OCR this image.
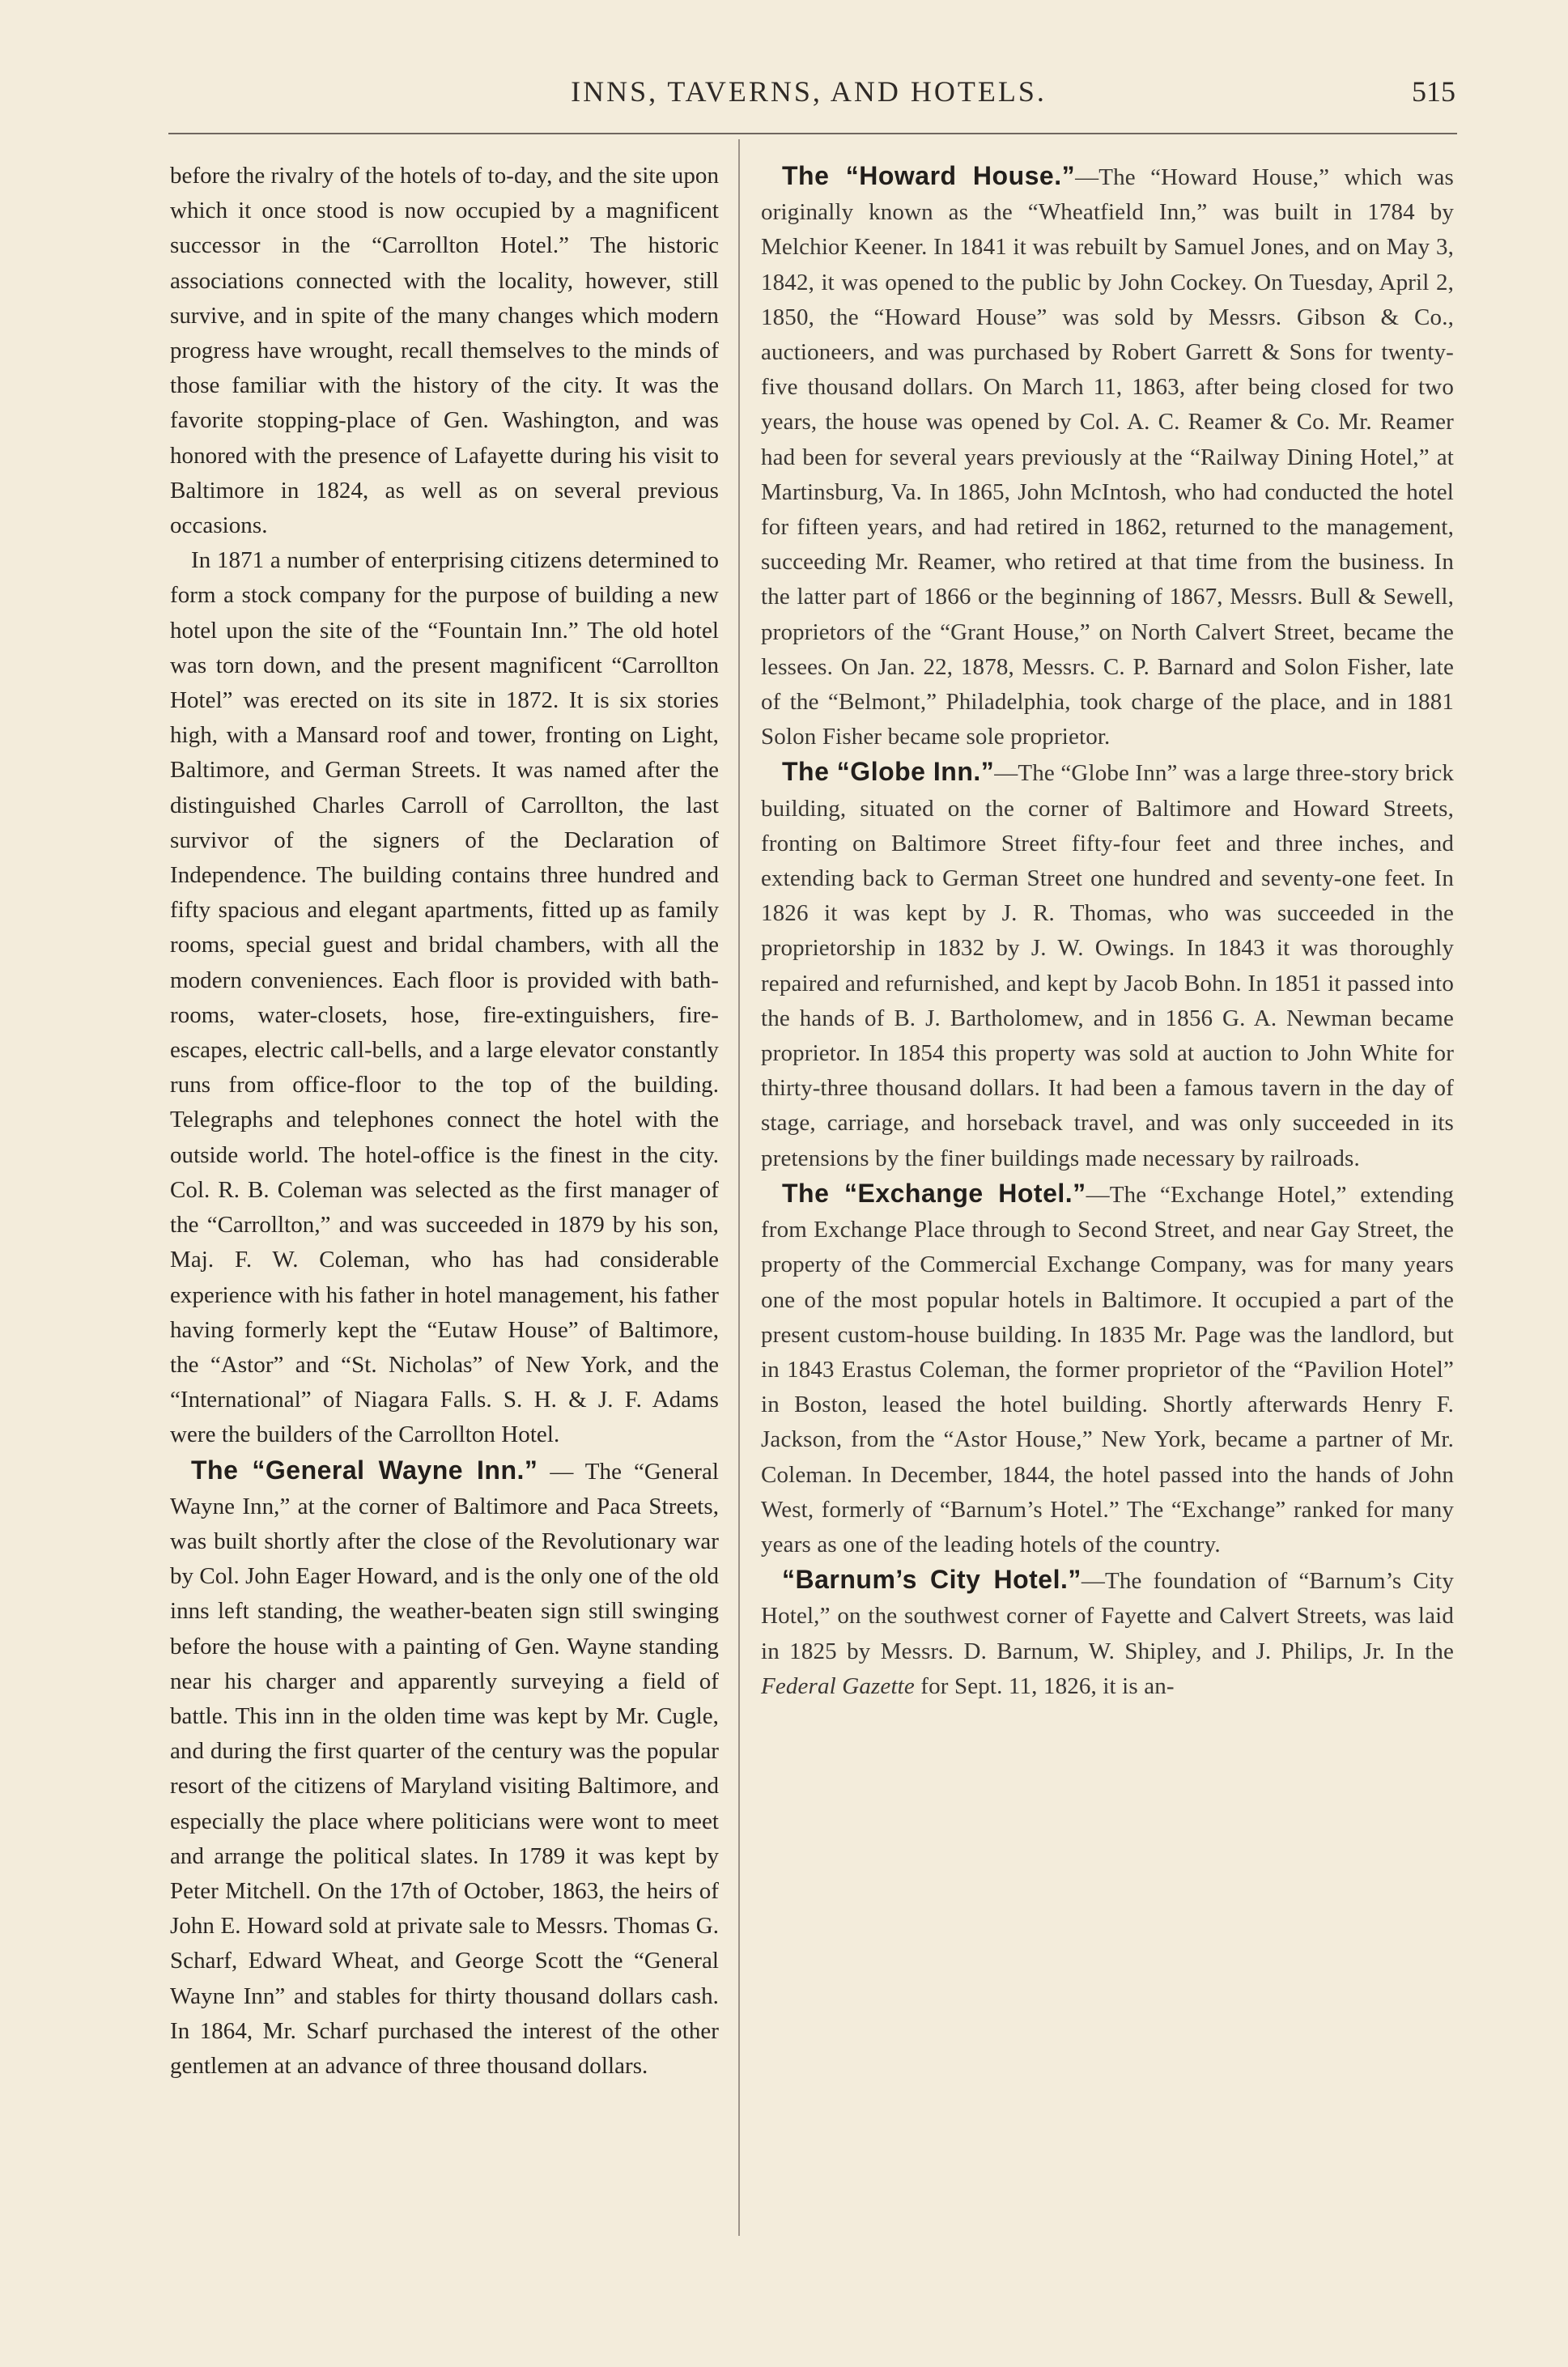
INNS, TAVERNS, AND HOTELS.	515

before the rivalry of the hotels of to-day, and the site upon which it once stood is now occupied by a magnificent successor in the “Carrollton Hotel.” The historic associations connected with the locality, however, still survive, and in spite of the many changes which modern progress have wrought, recall themselves to the minds of those familiar with the history of the city. It was the favorite stopping-place of Gen. Washington, and was honored with the presence of Lafayette during his visit to Baltimore in 1824, as well as on several previous occasions.

In 1871 a number of enterprising citizens determined to form a stock company for the purpose of building a new hotel upon the site of the “Fountain Inn.” The old hotel was torn down, and the present magnificent “Carrollton Hotel” was erected on its site in 1872. It is six stories high, with a Mansard roof and tower, fronting on Light, Baltimore, and German Streets. It was named after the distinguished Charles Carroll of Carrollton, the last survivor of the signers of the Declaration of Independence. The building contains three hundred and fifty spacious and elegant apartments, fitted up as family rooms, special guest and bridal chambers, with all the modern conveniences. Each floor is provided with bath-rooms, water-closets, hose, fire-extinguishers, fire-escapes, electric call-bells, and a large elevator constantly runs from office-floor to the top of the building. Telegraphs and telephones connect the hotel with the outside world. The hotel-office is the finest in the city. Col. R. B. Coleman was selected as the first manager of the “Carrollton,” and was succeeded in 1879 by his son, Maj. F. W. Coleman, who has had considerable experience with his father in hotel management, his father having formerly kept the “Eutaw House” of Baltimore, the “Astor” and “St. Nicholas” of New York, and the “International” of Niagara Falls. S. H. & J. F. Adams were the builders of the Carrollton Hotel.

The “General Wayne Inn.” — The “General Wayne Inn,” at the corner of Baltimore and Paca Streets, was built shortly after the close of the Revolutionary war by Col. John Eager Howard, and is the only one of the old inns left standing, the weather-beaten sign still swinging before the house with a painting of Gen. Wayne standing near his charger and apparently surveying a field of battle. This inn in the olden time was kept by Mr. Cugle, and during the first quarter of the century was the popular resort of the citizens of Maryland visiting Baltimore, and especially the place where politicians were wont to meet and arrange the political slates. In 1789 it was kept by Peter Mitchell. On the 17th of October, 1863, the heirs of John E. Howard sold at private sale to Messrs. Thomas G. Scharf, Edward Wheat, and George Scott the “General Wayne Inn” and stables for thirty thousand dollars cash. In 1864, Mr. Scharf purchased the interest of the other gentlemen at an advance of three thousand dollars.

The “Howard House.”—The “Howard House,” which was originally known as the “Wheatfield Inn,” was built in 1784 by Melchior Keener. In 1841 it was rebuilt by Samuel Jones, and on May 3, 1842, it was opened to the public by John Cockey. On Tuesday, April 2, 1850, the “Howard House” was sold by Messrs. Gibson & Co., auctioneers, and was purchased by Robert Garrett & Sons for twenty-five thousand dollars. On March 11, 1863, after being closed for two years, the house was opened by Col. A. C. Reamer & Co. Mr. Reamer had been for several years previously at the “Railway Dining Hotel,” at Martinsburg, Va. In 1865, John McIntosh, who had conducted the hotel for fifteen years, and had retired in 1862, returned to the management, succeeding Mr. Reamer, who retired at that time from the business. In the latter part of 1866 or the beginning of 1867, Messrs. Bull & Sewell, proprietors of the “Grant House,” on North Calvert Street, became the lessees. On Jan. 22, 1878, Messrs. C. P. Barnard and Solon Fisher, late of the “Belmont,” Philadelphia, took charge of the place, and in 1881 Solon Fisher became sole proprietor.

The “Globe Inn.”—The “Globe Inn” was a large three-story brick building, situated on the corner of Baltimore and Howard Streets, fronting on Baltimore Street fifty-four feet and three inches, and extending back to German Street one hundred and seventy-one feet. In 1826 it was kept by J. R. Thomas, who was succeeded in the proprietorship in 1832 by J. W. Owings. In 1843 it was thoroughly repaired and refurnished, and kept by Jacob Bohn. In 1851 it passed into the hands of B. J. Bartholomew, and in 1856 G. A. Newman became proprietor. In 1854 this property was sold at auction to John White for thirty-three thousand dollars. It had been a famous tavern in the day of stage, carriage, and horseback travel, and was only succeeded in its pretensions by the finer buildings made necessary by railroads.

The “Exchange Hotel.”—The “Exchange Hotel,” extending from Exchange Place through to Second Street, and near Gay Street, the property of the Commercial Exchange Company, was for many years one of the most popular hotels in Baltimore. It occupied a part of the present custom-house building. In 1835 Mr. Page was the landlord, but in 1843 Erastus Coleman, the former proprietor of the “Pavilion Hotel” in Boston, leased the hotel building. Shortly afterwards Henry F. Jackson, from the “Astor House,” New York, became a partner of Mr. Coleman. In December, 1844, the hotel passed into the hands of John West, formerly of “Barnum’s Hotel.” The “Exchange” ranked for many years as one of the leading hotels of the country.

“Barnum’s City Hotel.”—The foundation of “Barnum’s City Hotel,” on the southwest corner of Fayette and Calvert Streets, was laid in 1825 by Messrs. D. Barnum, W. Shipley, and J. Philips, Jr. In the Federal Gazette for Sept. 11, 1826, it is an-
